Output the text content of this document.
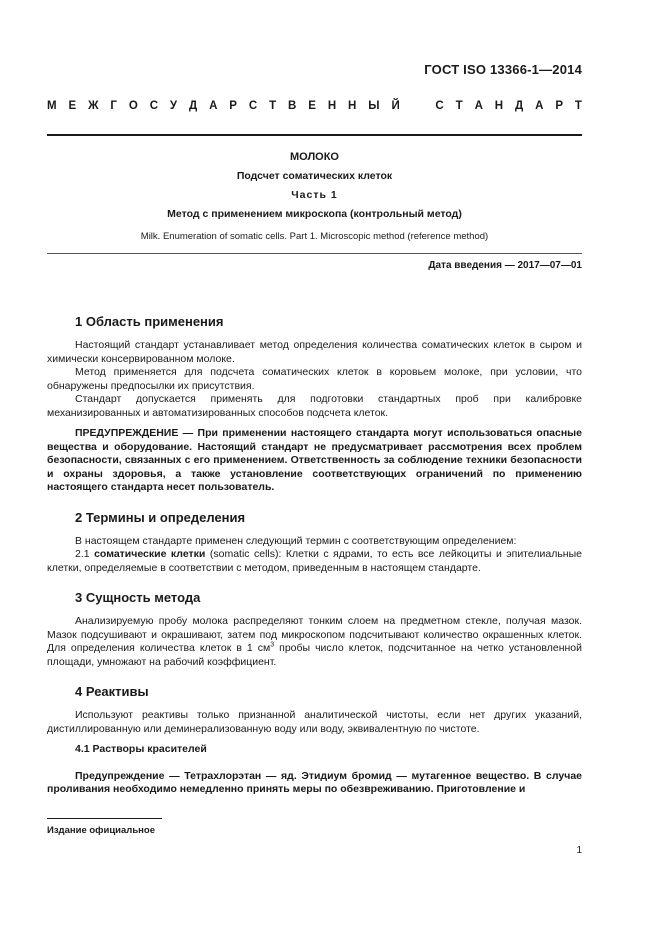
ГОСТ ISO 13366-1—2014
М Е Ж Г О С У Д А Р С Т В Е Н Н Ы Й	С Т А Н Д А Р Т
МОЛОКО
Подсчет соматических клеток
Часть 1
Метод с применением микроскопа (контрольный метод)
Milk. Enumeration of somatic cells. Part 1. Microscopic method (reference method)
Дата введения — 2017—07—01
1 Область применения

Настоящий стандарт устанавливает метод определения количества соматических клеток в сыром и химически консервированном молоке.

Метод применяется для подсчета соматических клеток в коровьем молоке, при условии, что обнаружены предпосылки их присутствия.

Стандарт допускается применять для подготовки стандартных проб при калибровке механизированных и автоматизированных способов подсчета клеток.

ПРЕДУПРЕЖДЕНИЕ — При применении настоящего стандарта могут использоваться опасные вещества и оборудование. Настоящий стандарт не предусматривает рассмотрения всех проблем безопасности, связанных с его применением. Ответственность за соблюдение техники безопасности и охраны здоровья, а также установление соответствующих ограничений по применению настоящего стандарта несет пользователь.

2 Термины и определения

В настоящем стандарте применен следующий термин с соответствующим определением:

2.1 соматические клетки (somatic cells): Клетки с ядрами, то есть все лейкоциты и эпителиальные клетки, определяемые в соответствии с методом, приведенным в настоящем стандарте.

3 Сущность метода

Анализируемую пробу молока распределяют тонким слоем на предметном стекле, получая мазок. Мазок подсушивают и окрашивают, затем под микроскопом подсчитывают количество окрашенных клеток. Для определения количества клеток в 1 $см^3$ пробы число клеток, подсчитанное на четко установленной площади, умножают на рабочий коэффициент.

4 Реактивы

Используют реактивы только признанной аналитической чистоты, если нет других указаний, дистиллированную или деминерализованную воду или воду, эквивалентную по чистоте.

4.1 Растворы красителей

Предупреждение — Тетрахлорэтан — яд. Этидиум бромид — мутагенное вещество. В случае проливания необходимо немедленно принять меры по обезвреживанию. Приготовление и

Издание официальное
1
